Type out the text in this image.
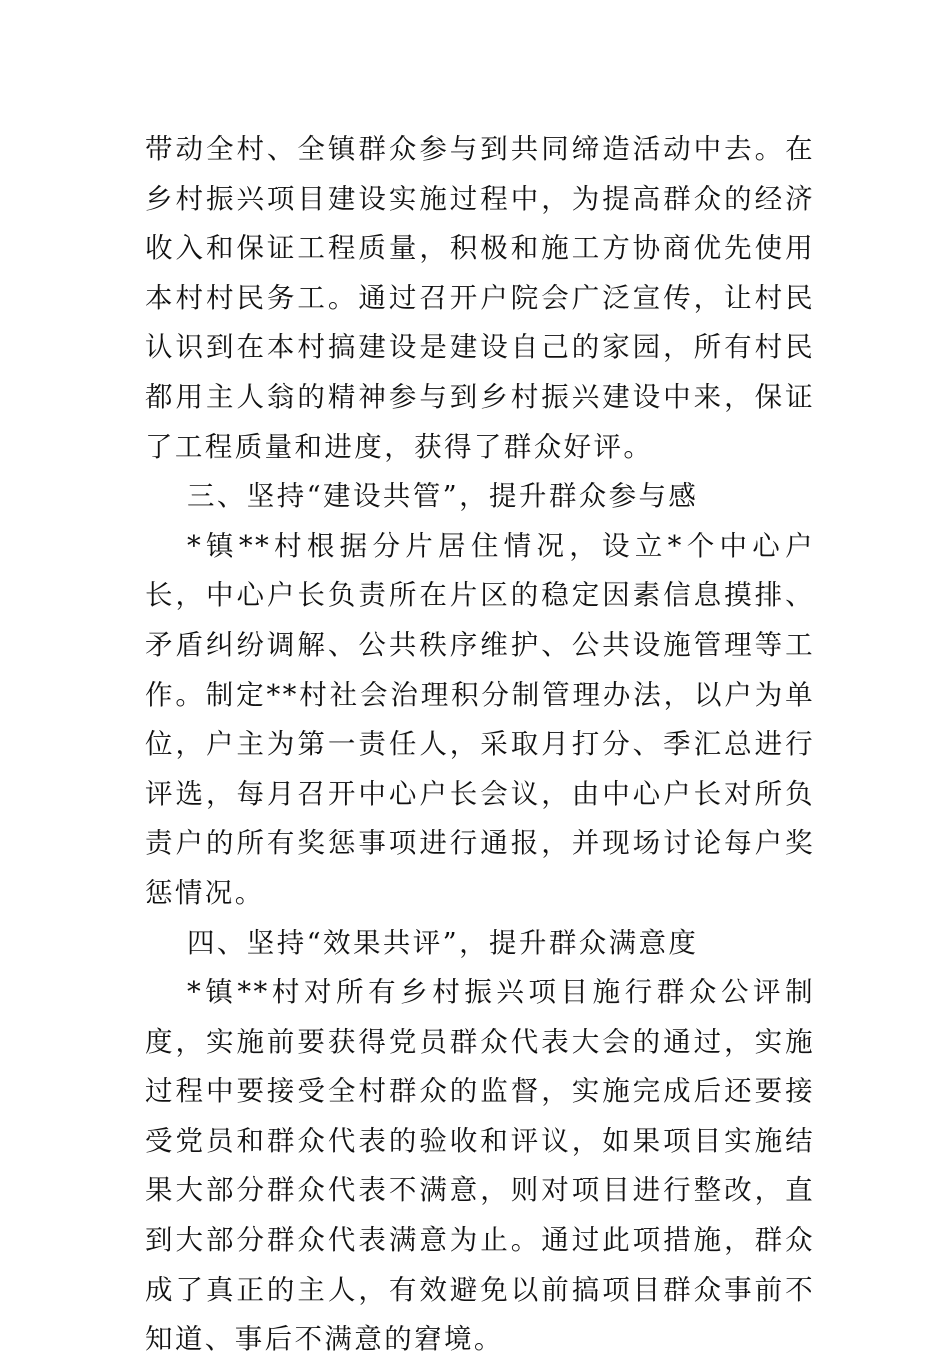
带动全村、全镇群众参与到共同缔造活动中去。在乡村振兴项目建设实施过程中，为提高群众的经济收入和保证工程质量，积极和施工方协商优先使用本村村民务工。通过召开户院会广泛宣传，让村民认识到在本村搞建设是建设自己的家园，所有村民都用主人翁的精神参与到乡村振兴建设中来，保证了工程质量和进度，获得了群众好评。

三、坚持“建设共管”，提升群众参与感

*镇**村根据分片居住情况，设立*个中心户长，中心户长负责所在片区的稳定因素信息摸排、矛盾纠纷调解、公共秩序维护、公共设施管理等工作。制定**村社会治理积分制管理办法，以户为单位，户主为第一责任人，采取月打分、季汇总进行评选，每月召开中心户长会议，由中心户长对所负责户的所有奖惩事项进行通报，并现场讨论每户奖惩情况。

四、坚持“效果共评”，提升群众满意度

*镇**村对所有乡村振兴项目施行群众公评制度，实施前要获得党员群众代表大会的通过，实施过程中要接受全村群众的监督，实施完成后还要接受党员和群众代表的验收和评议，如果项目实施结果大部分群众代表不满意，则对项目进行整改，直到大部分群众代表满意为止。通过此项措施，群众成了真正的主人，有效避免以前搞项目群众事前不知道、事后不满意的窘境。
